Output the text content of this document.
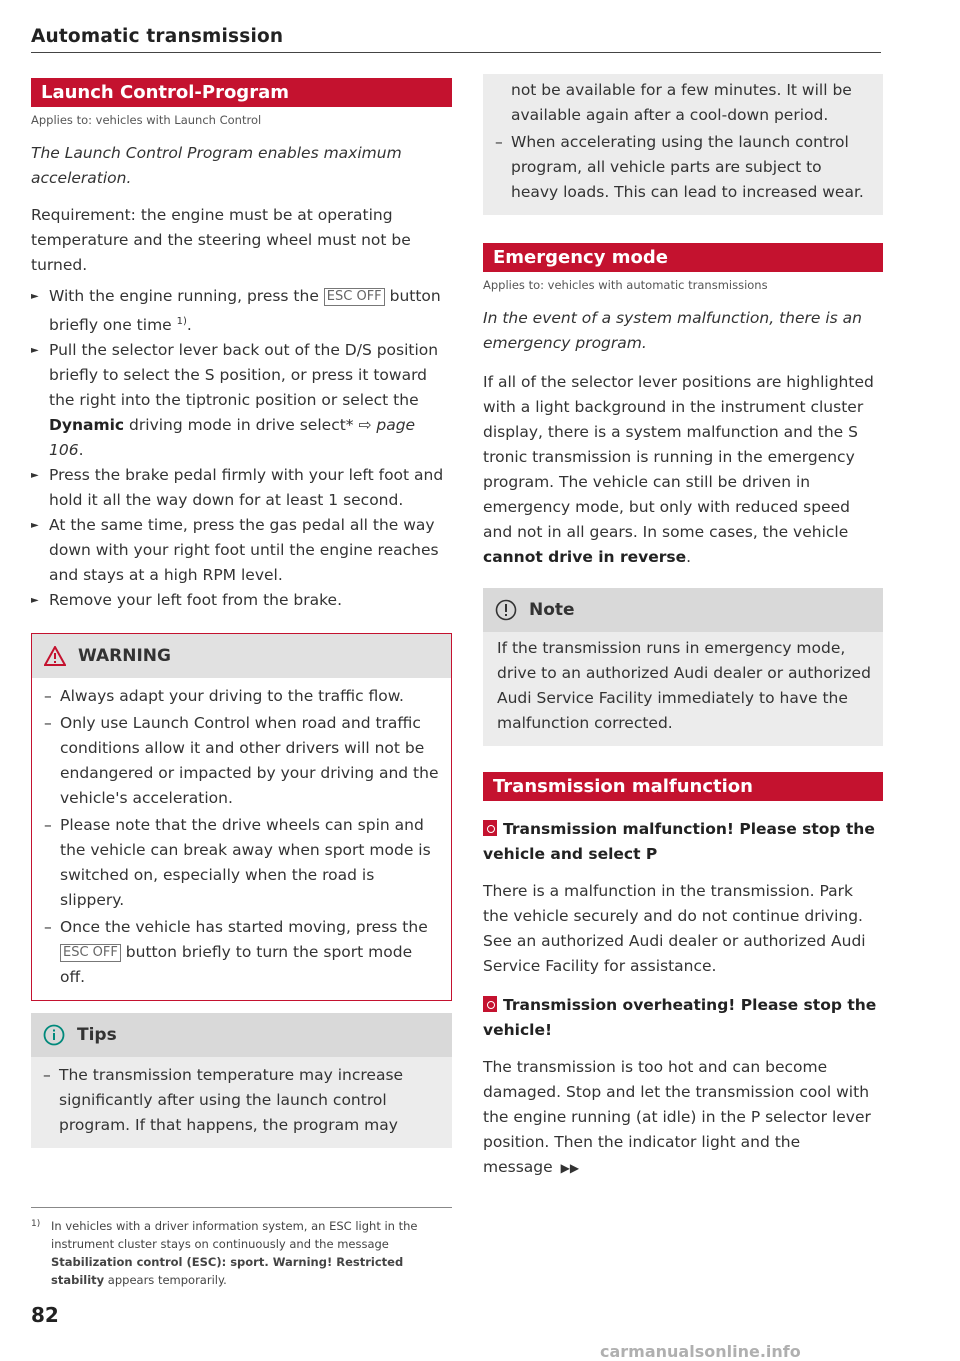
Automatic transmission
Launch Control-Program
Applies to: vehicles with Launch Control
The Launch Control Program enables maximum acceleration.

Requirement: the engine must be at operating temperature and the steering wheel must not be turned.

► With the engine running, press the ESC OFF button briefly one time $^{1)}$.
► Pull the selector lever back out of the D/S position briefly to select the S position, or press it toward the right into the tiptronic position or select the Dynamic driving mode in drive select* ⇨ page 106.
► Press the brake pedal firmly with your left foot and hold it all the way down for at least 1 second.
► At the same time, press the gas pedal all the way down with your right foot until the engine reaches and stays at a high RPM level.
► Remove your left foot from the brake.
WARNING
– Always adapt your driving to the traffic flow.
– Only use Launch Control when road and traffic conditions allow it and other drivers will not be endangered or impacted by your driving and the vehicle's acceleration.
– Please note that the drive wheels can spin and the vehicle can break away when sport mode is switched on, especially when the road is slippery.
– Once the vehicle has started moving, press the ESC OFF button briefly to turn the sport mode off.
Tips
– The transmission temperature may increase significantly after using the launch control program. If that happens, the program may
1) In vehicles with a driver information system, an ESC light in the instrument cluster stays on continuously and the message Stabilization control (ESC): sport. Warning! Restricted stability appears temporarily.
82
not be available for a few minutes. It will be available again after a cool-down period.
– When accelerating using the launch control program, all vehicle parts are subject to heavy loads. This can lead to increased wear.
Emergency mode
Applies to: vehicles with automatic transmissions
In the event of a system malfunction, there is an emergency program.

If all of the selector lever positions are highlighted with a light background in the instrument cluster display, there is a system malfunction and the S tronic transmission is running in the emergency program. The vehicle can still be driven in emergency mode, but only with reduced speed and not in all gears. In some cases, the vehicle cannot drive in reverse.

Note
If the transmission runs in emergency mode, drive to an authorized Audi dealer or authorized Audi Service Facility immediately to have the malfunction corrected.
Transmission malfunction
Transmission malfunction! Please stop the vehicle and select P

There is a malfunction in the transmission. Park the vehicle securely and do not continue driving. See an authorized Audi dealer or authorized Audi Service Facility for assistance.

Transmission overheating! Please stop the vehicle!

The transmission is too hot and can become damaged. Stop and let the transmission cool with the engine running (at idle) in the P selector lever position. Then the indicator light and the message ▶▶

carmanualsonline.info
